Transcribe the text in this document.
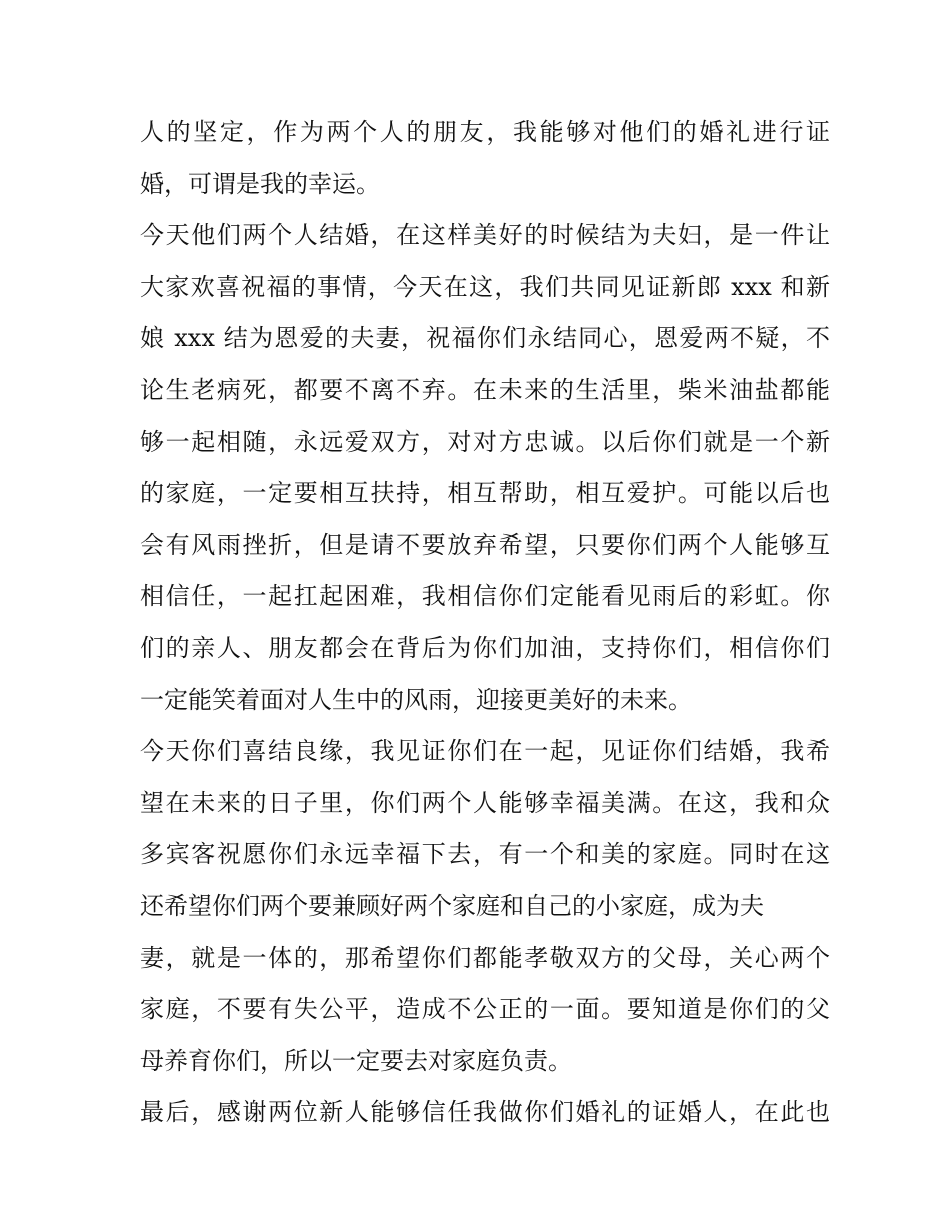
人的坚定，作为两个人的朋友，我能够对他们的婚礼进行证
婚，可谓是我的幸运。
今天他们两个人结婚，在这样美好的时候结为夫妇，是一件让
大家欢喜祝福的事情，今天在这，我们共同见证新郎 xxx 和新
娘 xxx 结为恩爱的夫妻，祝福你们永结同心，恩爱两不疑，不
论生老病死，都要不离不弃。在未来的生活里，柴米油盐都能
够一起相随，永远爱双方，对对方忠诚。以后你们就是一个新
的家庭，一定要相互扶持，相互帮助，相互爱护。可能以后也
会有风雨挫折，但是请不要放弃希望，只要你们两个人能够互
相信任，一起扛起困难，我相信你们定能看见雨后的彩虹。你
们的亲人、朋友都会在背后为你们加油，支持你们，相信你们
一定能笑着面对人生中的风雨，迎接更美好的未来。
今天你们喜结良缘，我见证你们在一起，见证你们结婚，我希
望在未来的日子里，你们两个人能够幸福美满。在这，我和众
多宾客祝愿你们永远幸福下去，有一个和美的家庭。同时在这
还希望你们两个要兼顾好两个家庭和自己的小家庭，成为夫
妻，就是一体的，那希望你们都能孝敬双方的父母，关心两个
家庭，不要有失公平，造成不公正的一面。要知道是你们的父
母养育你们，所以一定要去对家庭负责。
最后，感谢两位新人能够信任我做你们婚礼的证婚人，在此也
